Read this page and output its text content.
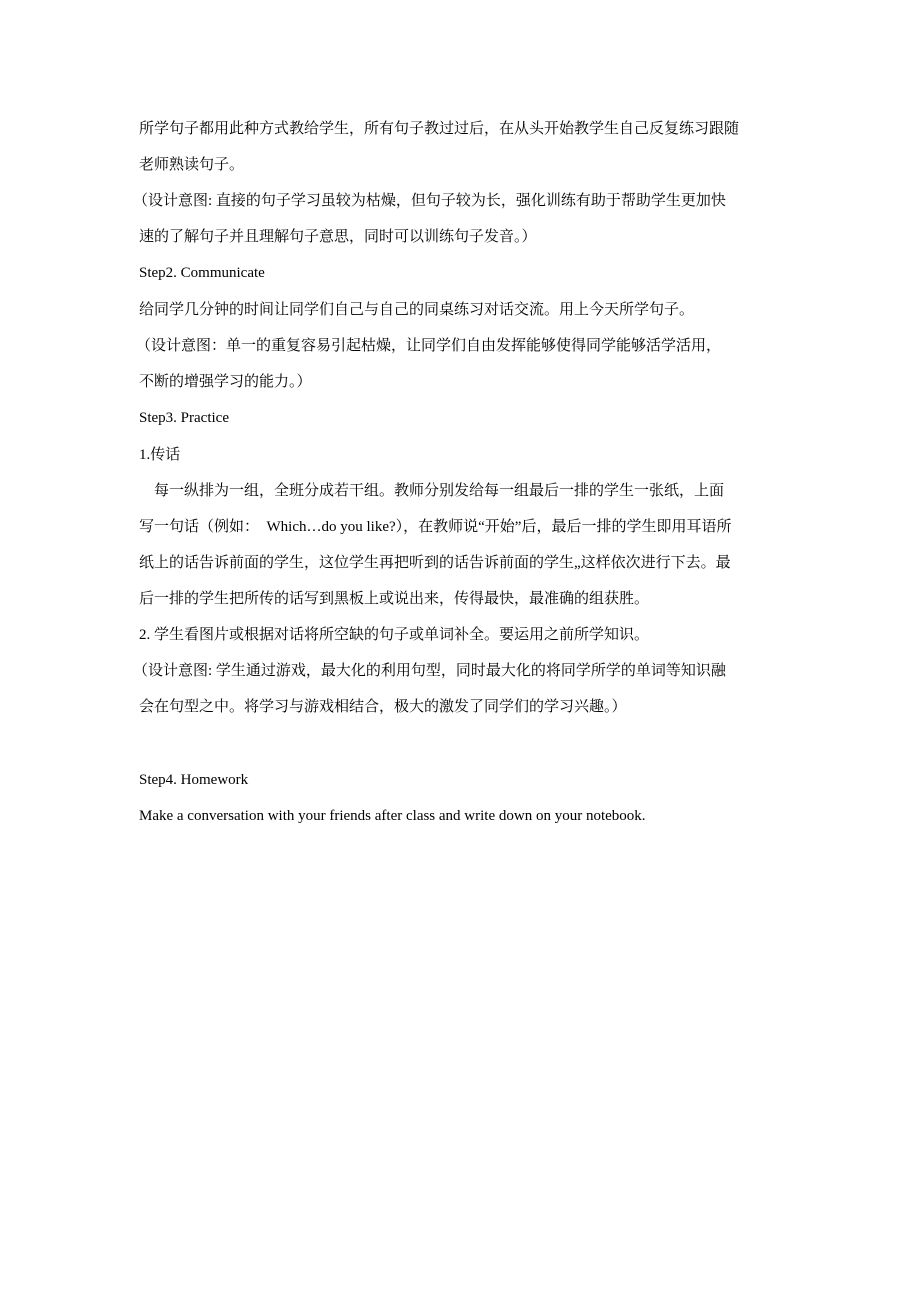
所学句子都用此种方式教给学生，所有句子教过过后，在从头开始教学生自己反复练习跟随
老师熟读句子。
（设计意图: 直接的句子学习虽较为枯燥，但句子较为长，强化训练有助于帮助学生更加快
速的了解句子并且理解句子意思，同时可以训练句子发音。）
Step2. Communicate
给同学几分钟的时间让同学们自己与自己的同桌练习对话交流。用上今天所学句子。
（设计意图：单一的重复容易引起枯燥，让同学们自由发挥能够使得同学能够活学活用，
不断的增强学习的能力。）
Step3. Practice
1.传话
每一纵排为一组，全班分成若干组。教师分别发给每一组最后一排的学生一张纸，上面
写一句话（例如：  Which…do you like?），在教师说“开始”后，最后一排的学生即用耳语所
纸上的话告诉前面的学生，这位学生再把听到的话告诉前面的学生„这样依次进行下去。最
后一排的学生把所传的话写到黑板上或说出来，传得最快，最准确的组获胜。
2. 学生看图片或根据对话将所空缺的句子或单词补全。要运用之前所学知识。
（设计意图: 学生通过游戏，最大化的利用句型，同时最大化的将同学所学的单词等知识融
会在句型之中。将学习与游戏相结合，极大的激发了同学们的学习兴趣。）
Step4. Homework
Make a conversation with your friends after class and write down on your notebook.
